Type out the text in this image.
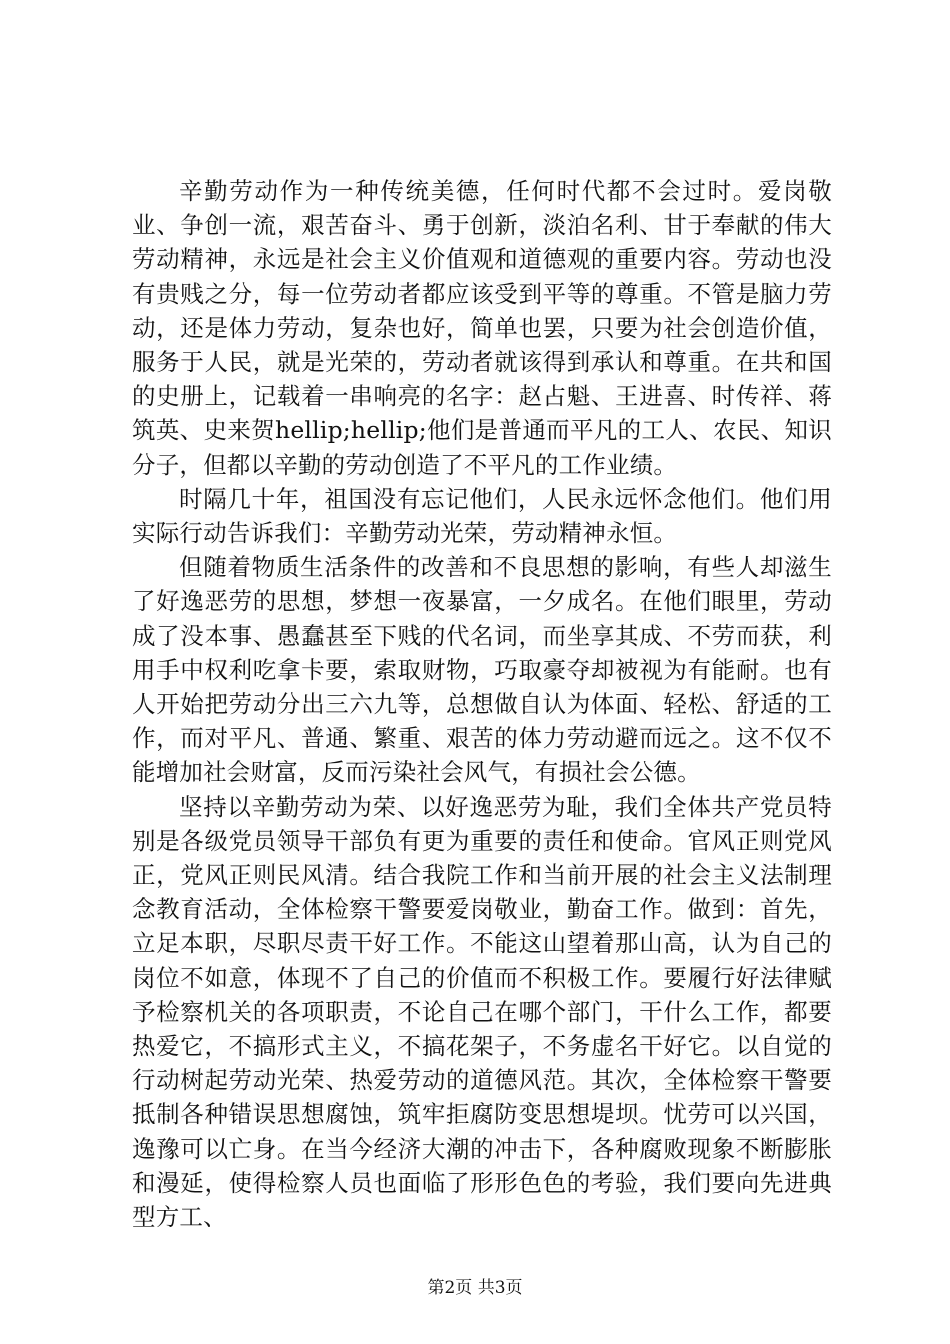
辛勤劳动作为一种传统美德，任何时代都不会过时。爱岗敬业、争创一流，艰苦奋斗、勇于创新，淡泊名利、甘于奉献的伟大劳动精神，永远是社会主义价值观和道德观的重要内容。劳动也没有贵贱之分，每一位劳动者都应该受到平等的尊重。不管是脑力劳动，还是体力劳动，复杂也好，简单也罢，只要为社会创造价值，服务于人民，就是光荣的，劳动者就该得到承认和尊重。在共和国的史册上，记载着一串响亮的名字：赵占魁、王进喜、时传祥、蒋筑英、史来贺hellip;hellip;他们是普通而平凡的工人、农民、知识分子，但都以辛勤的劳动创造了不平凡的工作业绩。

时隔几十年，祖国没有忘记他们，人民永远怀念他们。他们用实际行动告诉我们：辛勤劳动光荣，劳动精神永恒。

但随着物质生活条件的改善和不良思想的影响，有些人却滋生了好逸恶劳的思想，梦想一夜暴富，一夕成名。在他们眼里，劳动成了没本事、愚蠢甚至下贱的代名词，而坐享其成、不劳而获，利用手中权利吃拿卡要，索取财物，巧取豪夺却被视为有能耐。也有人开始把劳动分出三六九等，总想做自认为体面、轻松、舒适的工作，而对平凡、普通、繁重、艰苦的体力劳动避而远之。这不仅不能增加社会财富，反而污染社会风气，有损社会公德。

坚持以辛勤劳动为荣、以好逸恶劳为耻，我们全体共产党员特别是各级党员领导干部负有更为重要的责任和使命。官风正则党风正，党风正则民风清。结合我院工作和当前开展的社会主义法制理念教育活动，全体检察干警要爱岗敬业，勤奋工作。做到：首先，立足本职，尽职尽责干好工作。不能这山望着那山高，认为自己的岗位不如意，体现不了自己的价值而不积极工作。要履行好法律赋予检察机关的各项职责，不论自己在哪个部门，干什么工作，都要热爱它，不搞形式主义，不搞花架子，不务虚名干好它。以自觉的行动树起劳动光荣、热爱劳动的道德风范。其次，全体检察干警要抵制各种错误思想腐蚀，筑牢拒腐防变思想堤坝。忧劳可以兴国，逸豫可以亡身。在当今经济大潮的冲击下，各种腐败现象不断膨胀和漫延，使得检察人员也面临了形形色色的考验，我们要向先进典型方工、

第2页 共3页
